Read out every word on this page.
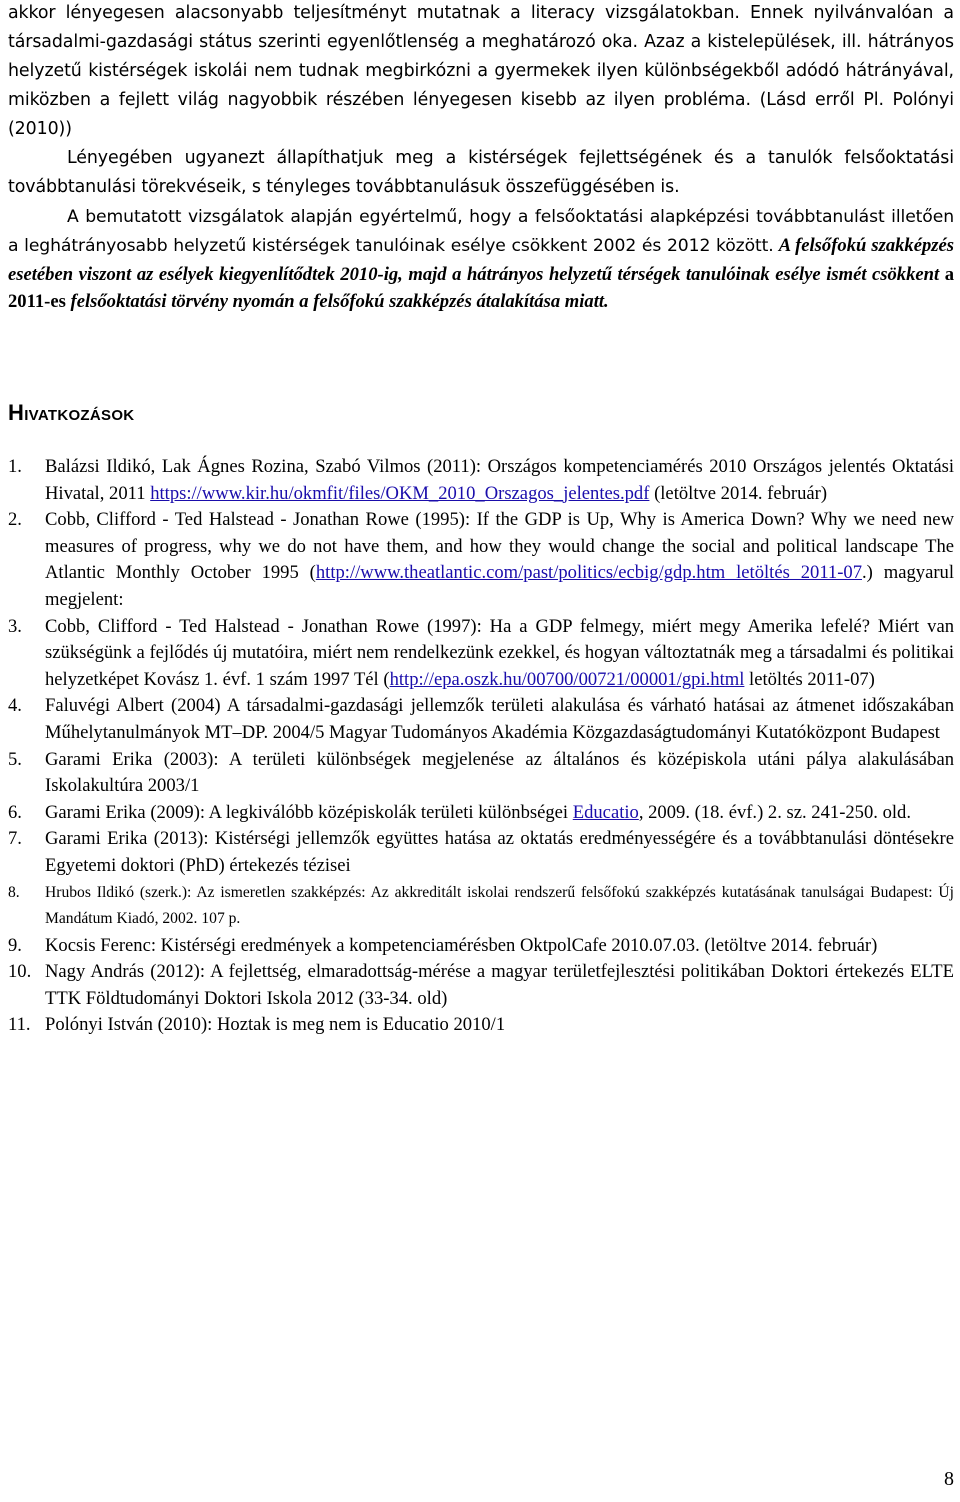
akkor lényegesen alacsonyabb teljesítményt mutatnak a literacy vizsgálatokban. Ennek nyilvánvalóan a társadalmi-gazdasági státus szerinti egyenlőtlenség a meghatározó oka. Azaz a kistelepülések, ill. hátrányos helyzetű kistérségek iskolái nem tudnak megbirkózni a gyermekek ilyen különbségekből adódó hátrányával, miközben a fejlett világ nagyobbik részében lényegesen kisebb az ilyen probléma. (Lásd erről Pl. Polónyi (2010))

Lényegében ugyanezt állapíthatjuk meg a kistérségek fejlettségének és a tanulók felsőoktatási továbbtanulási törekvéseik, s tényleges továbbtanulásuk összefüggésében is.

A bemutatott vizsgálatok alapján egyértelmű, hogy a felsőoktatási alapképzési továbbtanulást illetően a leghátrányosabb helyzetű kistérségek tanulóinak esélye csökkent 2002 és 2012 között. A felsőfokú szakképzés esetében viszont az esélyek kiegyenlítődtek 2010-ig, majd a hátrányos helyzetű térségek tanulóinak esélye ismét csökkent a 2011-es felsőoktatási törvény nyomán a felsőfokú szakképzés átalakítása miatt.

Hivatkozások
1. Balázsi Ildikó, Lak Ágnes Rozina, Szabó Vilmos (2011): Országos kompetenciamérés 2010 Országos jelentés Oktatási Hivatal, 2011 https://www.kir.hu/okmfit/files/OKM_2010_Orszagos_jelentes.pdf (letöltve 2014. február)
2. Cobb, Clifford - Ted Halstead - Jonathan Rowe (1995): If the GDP is Up, Why is America Down? Why we need new measures of progress, why we do not have them, and how they would change the social and political landscape The Atlantic Monthly October 1995 (http://www.theatlantic.com/past/politics/ecbig/gdp.htm letöltés 2011-07.) magyarul megjelent:
3. Cobb, Clifford - Ted Halstead - Jonathan Rowe (1997): Ha a GDP felmegy, miért megy Amerika lefelé? Miért van szükségünk a fejlődés új mutatóira, miért nem rendelkezünk ezekkel, és hogyan változtatnák meg a társadalmi és politikai helyzetképet Kovász 1. évf. 1 szám 1997 Tél (http://epa.oszk.hu/00700/00721/00001/gpi.html letöltés 2011-07)
4. Faluvégi Albert (2004) A társadalmi-gazdasági jellemzők területi alakulása és várható hatásai az átmenet időszakában Műhelytanulmányok MT–DP. 2004/5 Magyar Tudományos Akadémia Közgazdaságtudományi Kutatóközpont Budapest
5. Garami Erika (2003): A területi különbségek megjelenése az általános és középiskola utáni pálya alakulásában Iskolakultúra 2003/1
6. Garami Erika (2009): A legkiválóbb középiskolák területi különbségei Educatio, 2009. (18. évf.) 2. sz. 241-250. old.
7. Garami Erika (2013): Kistérségi jellemzők együttes hatása az oktatás eredményességére és a továbbtanulási döntésekre Egyetemi doktori (PhD) értekezés tézisei
8. Hrubos Ildikó (szerk.): Az ismeretlen szakképzés: Az akkreditált iskolai rendszerű felsőfokú szakképzés kutatásának tanulságai Budapest: Új Mandátum Kiadó, 2002. 107 p.
9. Kocsis Ferenc: Kistérségi eredmények a kompetenciamérésben OktpolCafe 2010.07.03. (letöltve 2014. február)
10. Nagy András (2012): A fejlettség, elmaradottság-mérése a magyar területfejlesztési politikában Doktori értekezés ELTE TTK Földtudományi Doktori Iskola 2012 (33-34. old)
11. Polónyi István (2010): Hoztak is meg nem is Educatio 2010/1
8
